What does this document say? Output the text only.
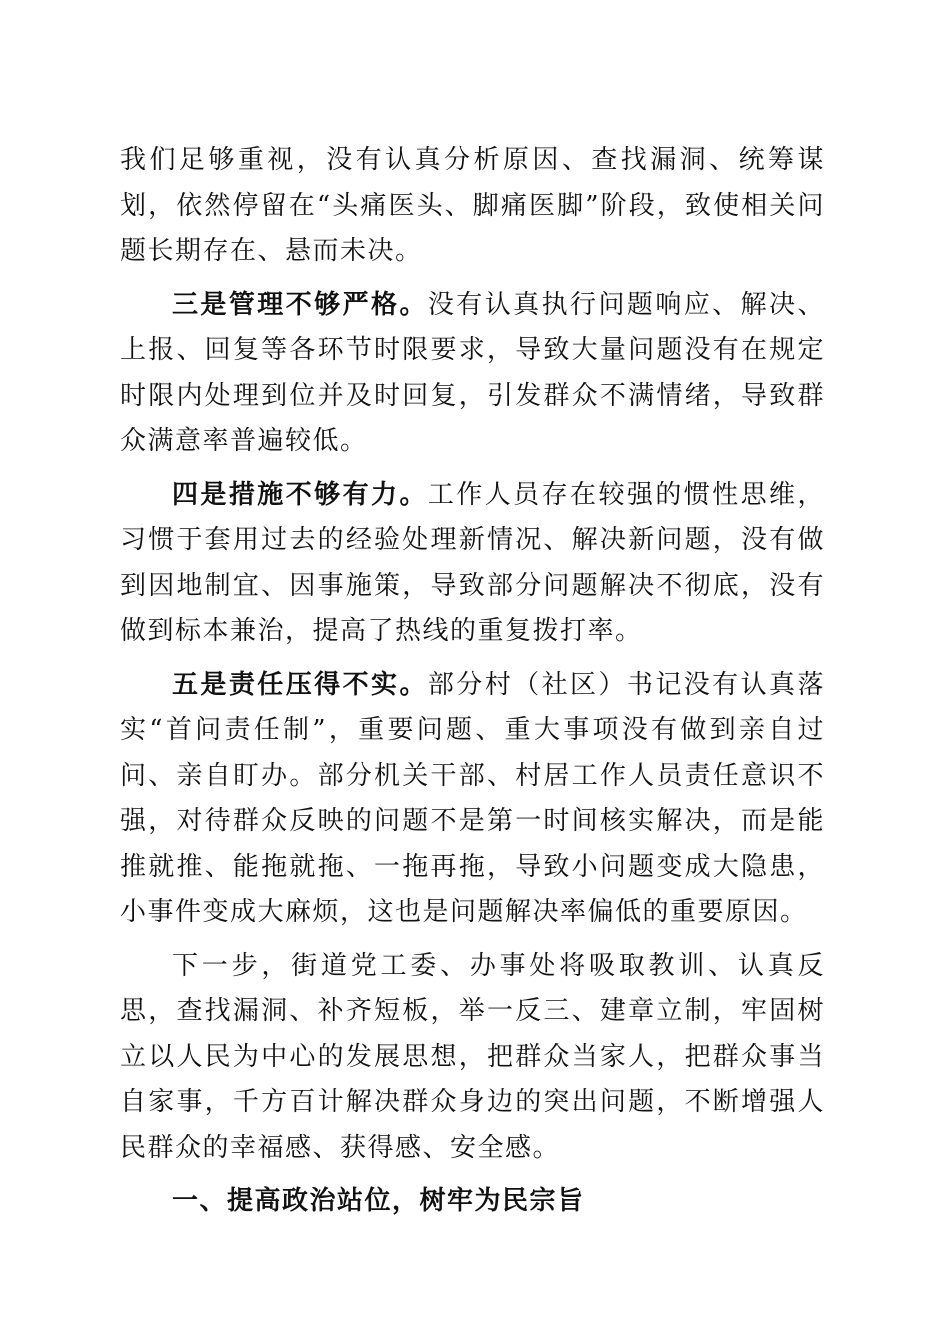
我们足够重视，没有认真分析原因、查找漏洞、统筹谋划，依然停留在“头痛医头、脚痛医脚”阶段，致使相关问题长期存在、悬而未决。

三是管理不够严格。没有认真执行问题响应、解决、上报、回复等各环节时限要求，导致大量问题没有在规定时限内处理到位并及时回复，引发群众不满情绪，导致群众满意率普遍较低。

四是措施不够有力。工作人员存在较强的惯性思维，习惯于套用过去的经验处理新情况、解决新问题，没有做到因地制宜、因事施策，导致部分问题解决不彻底，没有做到标本兼治，提高了热线的重复拨打率。

五是责任压得不实。部分村（社区）书记没有认真落实“首问责任制”，重要问题、重大事项没有做到亲自过问、亲自盯办。部分机关干部、村居工作人员责任意识不强，对待群众反映的问题不是第一时间核实解决，而是能推就推、能拖就拖、一拖再拖，导致小问题变成大隐患，小事件变成大麻烦，这也是问题解决率偏低的重要原因。

下一步，街道党工委、办事处将吸取教训、认真反思，查找漏洞、补齐短板，举一反三、建章立制，牢固树立以人民为中心的发展思想，把群众当家人，把群众事当自家事，千方百计解决群众身边的突出问题，不断增强人民群众的幸福感、获得感、安全感。

一、提高政治站位，树牢为民宗旨
